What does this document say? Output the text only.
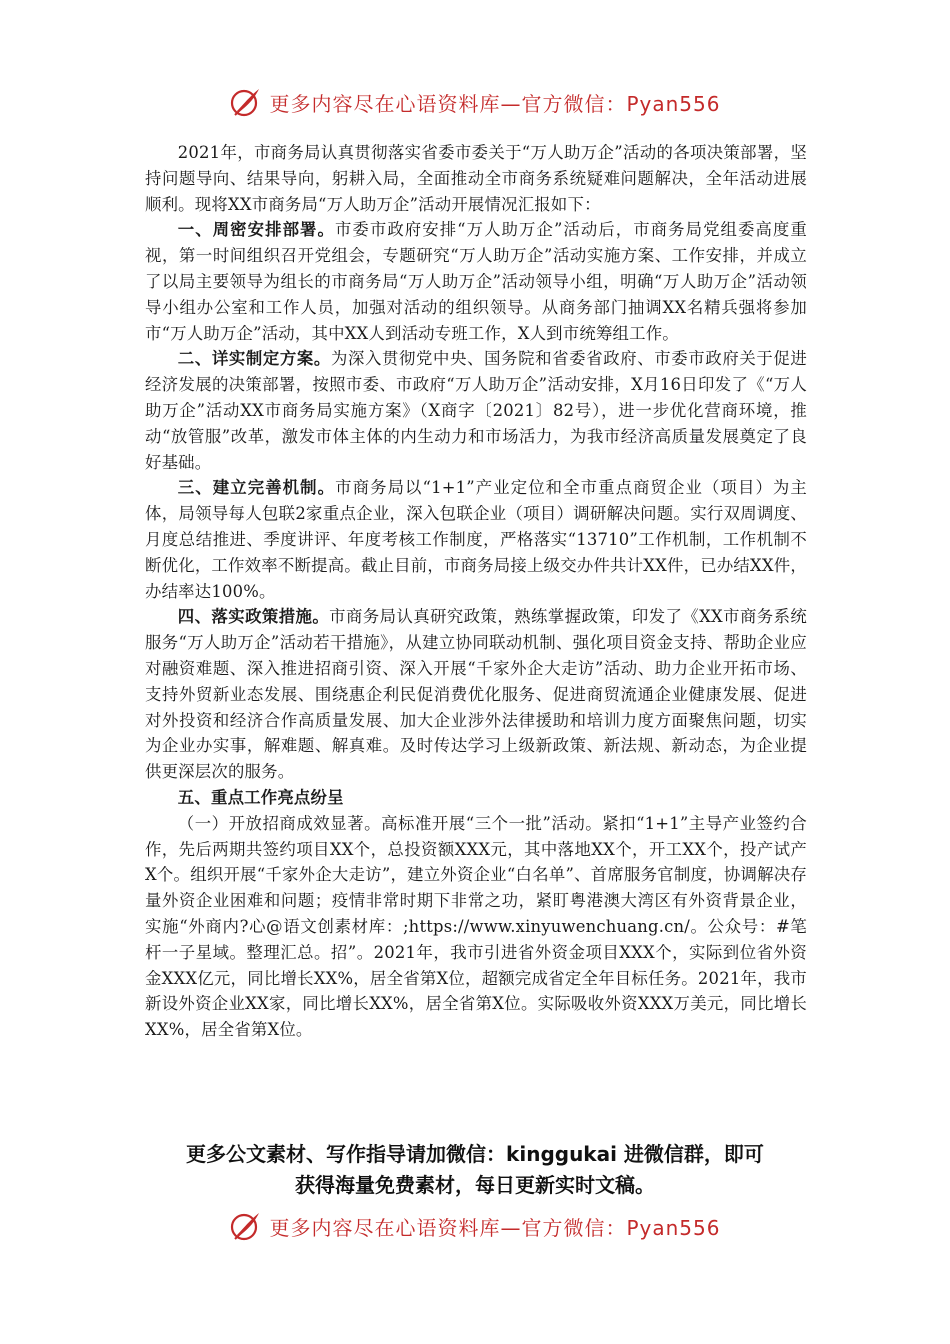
更多内容尽在心语资料库—官方微信：Pyan556

2021年，市商务局认真贯彻落实省委市委关于“万人助万企”活动的各项决策部署，坚持问题导向、结果导向，躬耕入局，全面推动全市商务系统疑难问题解决，全年活动进展顺利。现将XX市商务局“万人助万企”活动开展情况汇报如下：

一、周密安排部署。市委市政府安排“万人助万企”活动后，市商务局党组委高度重视，第一时间组织召开党组会，专题研究“万人助万企”活动实施方案、工作安排，并成立了以局主要领导为组长的市商务局“万人助万企”活动领导小组，明确“万人助万企”活动领导小组办公室和工作人员，加强对活动的组织领导。从商务部门抽调XX名精兵强将参加市“万人助万企”活动，其中XX人到活动专班工作，X人到市统筹组工作。

二、详实制定方案。为深入贯彻党中央、国务院和省委省政府、市委市政府关于促进经济发展的决策部署，按照市委、市政府“万人助万企”活动安排，X月16日印发了《“万人助万企”活动XX市商务局实施方案》（X商字〔2021〕82号），进一步优化营商环境，推动“放管服”改革，激发市体主体的内生动力和市场活力，为我市经济高质量发展奠定了良好基础。

三、建立完善机制。市商务局以“1+1”产业定位和全市重点商贸企业（项目）为主体，局领导每人包联2家重点企业，深入包联企业（项目）调研解决问题。实行双周调度、月度总结推进、季度讲评、年度考核工作制度，严格落实“13710”工作机制，工作机制不断优化，工作效率不断提高。截止目前，市商务局接上级交办件共计XX件，已办结XX件，办结率达100%。

四、落实政策措施。市商务局认真研究政策，熟练掌握政策，印发了《XX市商务系统服务“万人助万企”活动若干措施》，从建立协同联动机制、强化项目资金支持、帮助企业应对融资难题、深入推进招商引资、深入开展“千家外企大走访”活动、助力企业开拓市场、支持外贸新业态发展、围绕惠企利民促消费优化服务、促进商贸流通企业健康发展、促进对外投资和经济合作高质量发展、加大企业涉外法律援助和培训力度方面聚焦问题，切实为企业办实事，解难题、解真难。及时传达学习上级新政策、新法规、新动态，为企业提供更深层次的服务。

五、重点工作亮点纷呈

（一）开放招商成效显著。高标准开展“三个一批”活动。紧扣“1+1”主导产业签约合作，先后两期共签约项目XX个，总投资额XXX元，其中落地XX个，开工XX个，投产试产X个。组织开展“千家外企大走访”，建立外资企业“白名单”、首席服务官制度，协调解决存量外资企业困难和问题；疫情非常时期下非常之功，紧盯粤港澳大湾区有外资背景企业，实施“外商内?心@语文创素材库：;https://www.xinyuwenchuang.cn/。公众号：#笔杆一子星域。整理汇总。招”。2021年，我市引进省外资金项目XXX个，实际到位省外资金XXX亿元，同比增长XX%，居全省第X位，超额完成省定全年目标任务。2021年，我市新设外资企业XX家，同比增长XX%，居全省第X位。实际吸收外资XXX万美元，同比增长XX%，居全省第X位。

更多公文素材、写作指导请加微信：kinggukai 进微信群，即可
获得海量免费素材，每日更新实时文稿。
更多内容尽在心语资料库—官方微信：Pyan556
